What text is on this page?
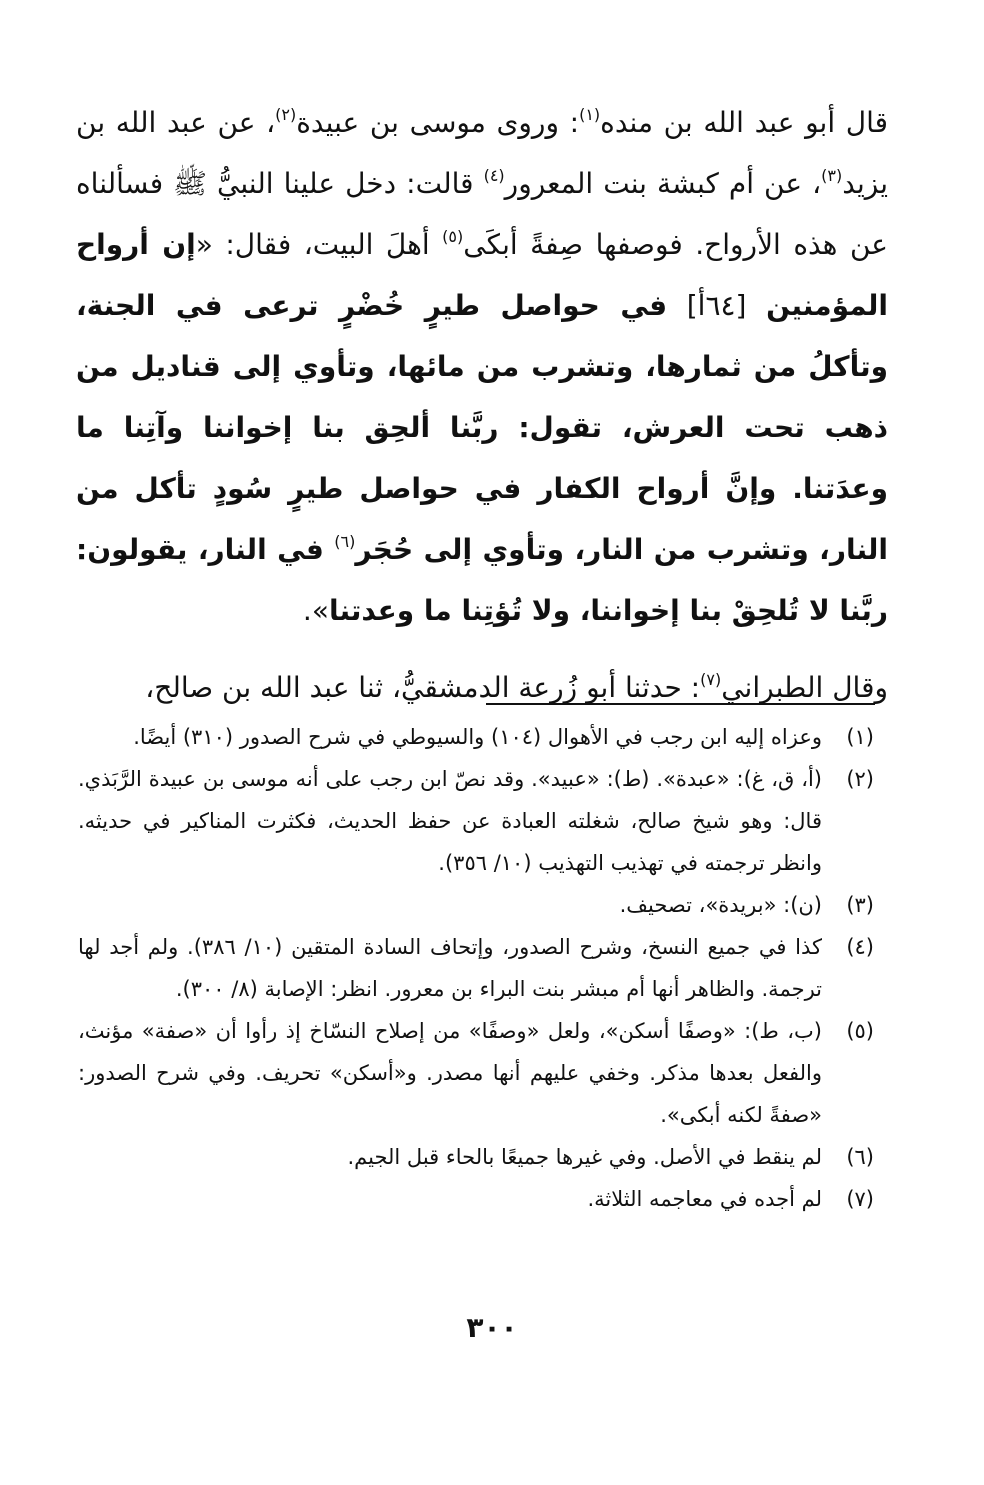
قال أبو عبد الله بن منده$^{(١)}$: وروى موسى بن عبيدة$^{(٢)}$، عن عبد الله بن يزيد$^{(٣)}$، عن أم كبشة بنت المعرور$^{(٤)}$ قالت: دخل علينا النبيُّ ﷺ فسألناه عن هذه الأرواح. فوصفها صِفةً أبكَى$^{(٥)}$ أهلَ البيت، فقال: «إن أرواح المؤمنين [٦٤أ] في حواصل طيرٍ خُضْرٍ ترعى في الجنة، وتأكلُ من ثمارها، وتشرب من مائها، وتأوي إلى قناديل من ذهب تحت العرش، تقول: ربَّنا ألحِق بنا إخواننا وآتِنا ما وعدَتنا. وإنَّ أرواح الكفار في حواصل طيرٍ سُودٍ تأكل من النار، وتشرب من النار، وتأوي إلى حُجَر$^{(٦)}$ في النار، يقولون: ربَّنا لا تُلحِقْ بنا إخواننا، ولا تُؤتِنا ما وعدتنا».

وقال الطبراني$^{(٧)}$: حدثنا أبو زُرعة الدمشقيُّ، ثنا عبد الله بن صالح،

(١)
وعزاه إليه ابن رجب في الأهوال (١٠٤) والسيوطي في شرح الصدور (٣١٠) أيضًا.
(٢)
(أ، ق، غ): «عبدة». (ط): «عبيد». وقد نصّ ابن رجب على أنه موسى بن عبيدة الرَّبَذي. قال: وهو شيخ صالح، شغلته العبادة عن حفظ الحديث، فكثرت المناكير في حديثه. وانظر ترجمته في تهذيب التهذيب (١٠/ ٣٥٦).
(٣)
(ن): «بريدة»، تصحيف.
(٤)
كذا في جميع النسخ، وشرح الصدور، وإتحاف السادة المتقين (١٠/ ٣٨٦). ولم أجد لها ترجمة. والظاهر أنها أم مبشر بنت البراء بن معرور. انظر: الإصابة (٨/ ٣٠٠).
(٥)
(ب، ط): «وصفًا أسكن»، ولعل «وصفًا» من إصلاح النسّاخ إذ رأوا أن «صفة» مؤنث، والفعل بعدها مذكر. وخفي عليهم أنها مصدر. و«أسكن» تحريف. وفي شرح الصدور: «صفةً لكنه أبكى».
(٦)
لم ينقط في الأصل. وفي غيرها جميعًا بالحاء قبل الجيم.
(٧)
لم أجده في معاجمه الثلاثة.
٣٠٠
